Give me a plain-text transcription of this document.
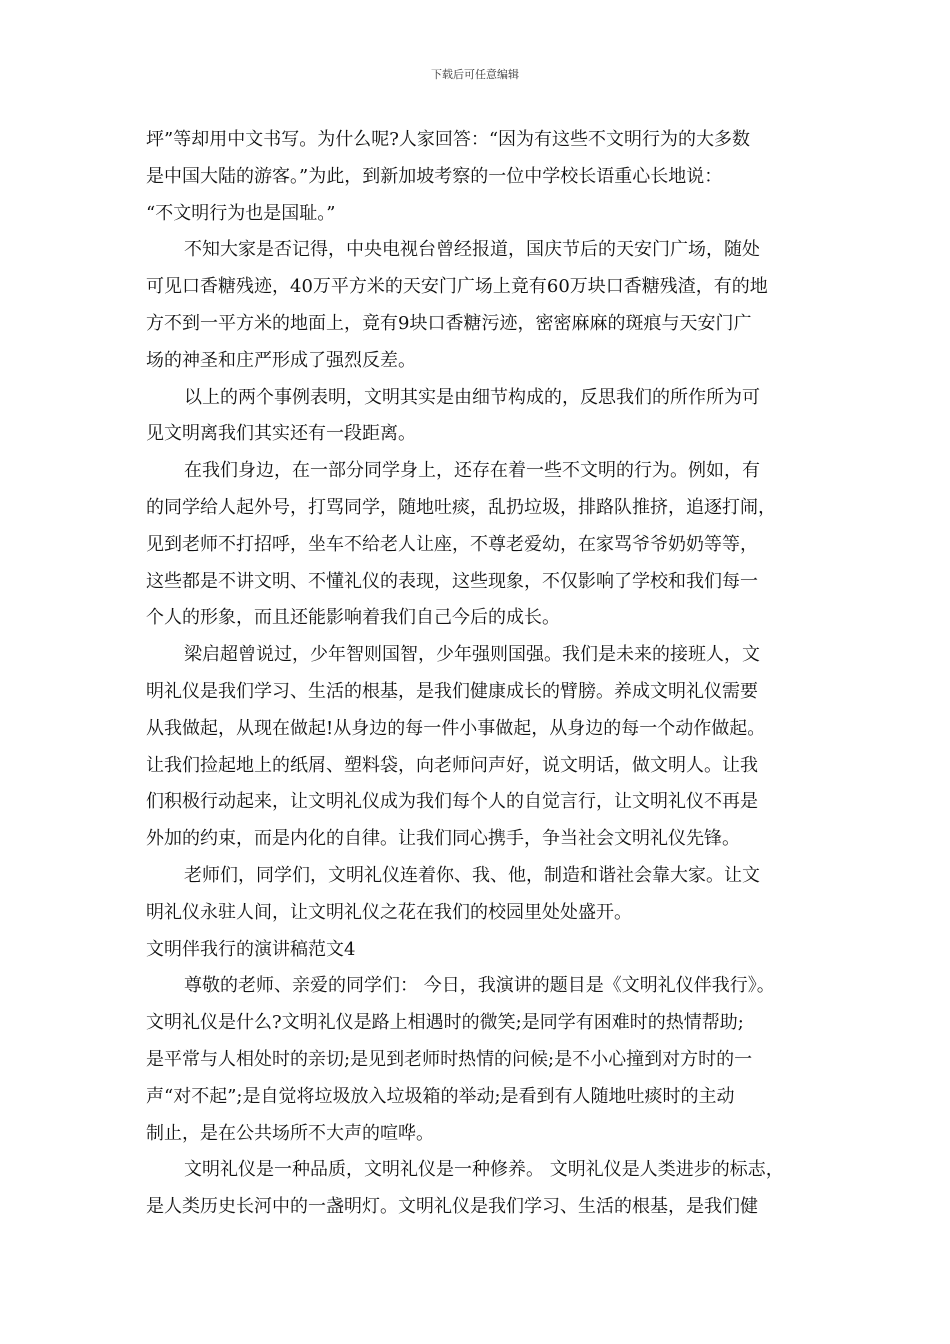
下载后可任意编辑
坪”等却用中文书写。为什么呢?人家回答：“因为有这些不文明行为的大多数
是中国大陆的游客。”为此，到新加坡考察的一位中学校长语重心长地说：
“不文明行为也是国耻。”
不知大家是否记得，中央电视台曾经报道，国庆节后的天安门广场，随处
可见口香糖残迹，40万平方米的天安门广场上竟有60万块口香糖残渣，有的地
方不到一平方米的地面上，竟有9块口香糖污迹，密密麻麻的斑痕与天安门广
场的神圣和庄严形成了强烈反差。
以上的两个事例表明，文明其实是由细节构成的，反思我们的所作所为可
见文明离我们其实还有一段距离。
在我们身边，在一部分同学身上，还存在着一些不文明的行为。例如，有
的同学给人起外号，打骂同学，随地吐痰，乱扔垃圾，排路队推挤，追逐打闹，
见到老师不打招呼，坐车不给老人让座，不尊老爱幼，在家骂爷爷奶奶等等，
这些都是不讲文明、不懂礼仪的表现，这些现象，不仅影响了学校和我们每一
个人的形象，而且还能影响着我们自己今后的成长。
梁启超曾说过，少年智则国智，少年强则国强。我们是未来的接班人，文
明礼仪是我们学习、生活的根基，是我们健康成长的臂膀。养成文明礼仪需要
从我做起，从现在做起!从身边的每一件小事做起，从身边的每一个动作做起。
让我们捡起地上的纸屑、塑料袋，向老师问声好，说文明话，做文明人。让我
们积极行动起来，让文明礼仪成为我们每个人的自觉言行，让文明礼仪不再是
外加的约束，而是内化的自律。让我们同心携手，争当社会文明礼仪先锋。
老师们，同学们，文明礼仪连着你、我、他，制造和谐社会靠大家。让文
明礼仪永驻人间，让文明礼仪之花在我们的校园里处处盛开。
文明伴我行的演讲稿范文4
尊敬的老师、亲爱的同学们： 今日，我演讲的题目是《文明礼仪伴我行》。
文明礼仪是什么?文明礼仪是路上相遇时的微笑;是同学有困难时的热情帮助;
是平常与人相处时的亲切;是见到老师时热情的问候;是不小心撞到对方时的一
声“对不起”;是自觉将垃圾放入垃圾箱的举动;是看到有人随地吐痰时的主动
制止，是在公共场所不大声的喧哗。
文明礼仪是一种品质，文明礼仪是一种修养。 文明礼仪是人类进步的标志，
是人类历史长河中的一盏明灯。文明礼仪是我们学习、生活的根基，是我们健
